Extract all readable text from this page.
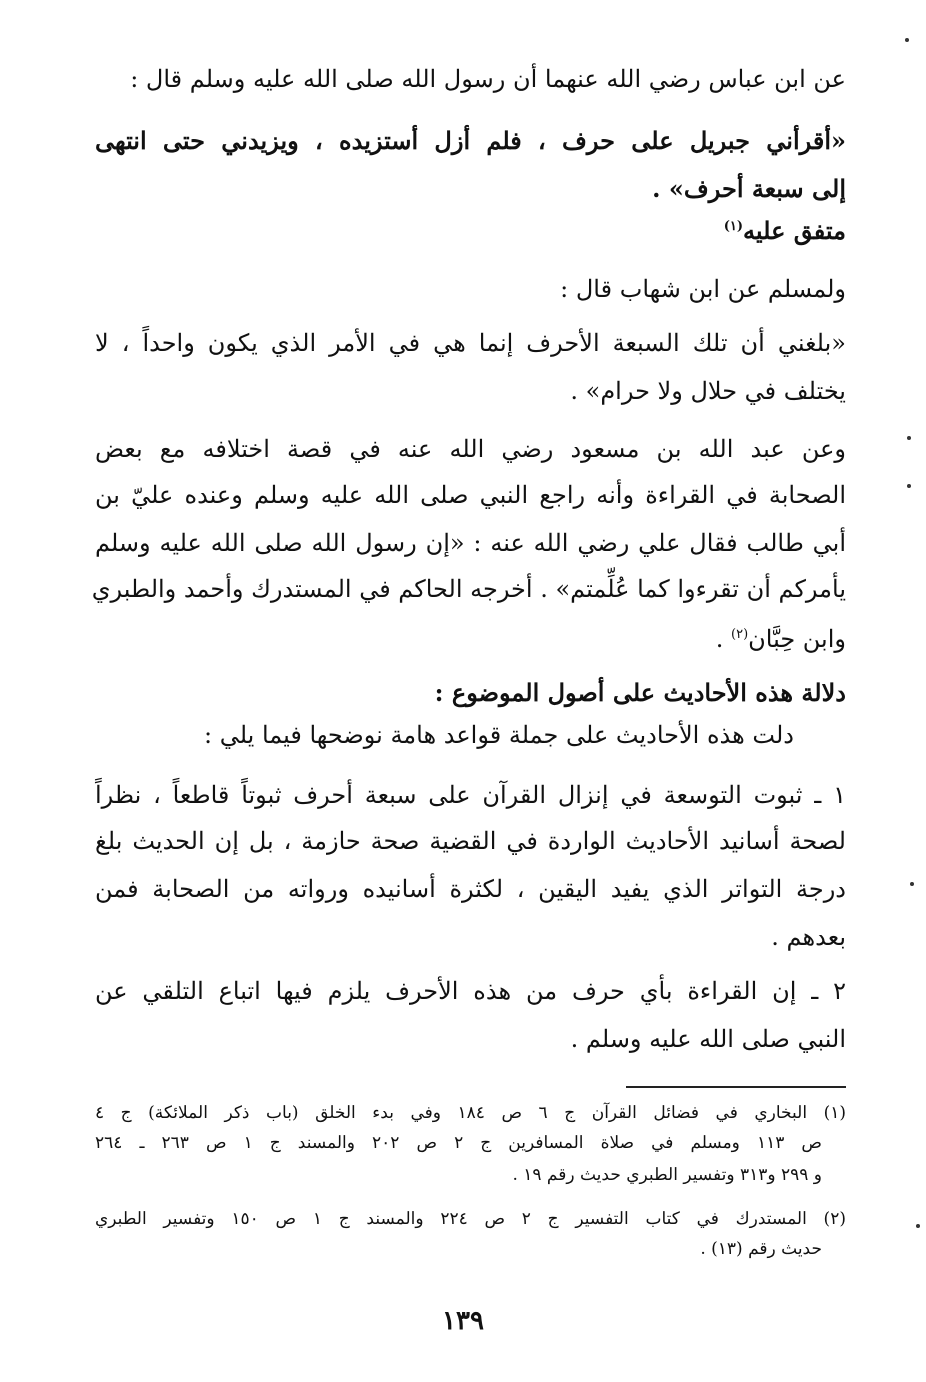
عن ابن عباس رضي الله عنهما أن رسول الله صلى الله عليه وسلم قال :
«أقرأني جبريل على حرف ، فلم أزل أستزيده ، ويزيدني حتى انتهى
إلى سبعة أحرف» .
متفق عليه$^{(١)}$
ولمسلم عن ابن شهاب قال :
«بلغني أن تلك السبعة الأحرف إنما هي في الأمر الذي يكون واحداً ، لا
يختلف في حلال ولا حرام» .
وعن عبد الله بن مسعود رضي الله عنه في قصة اختلافه مع بعض
الصحابة في القراءة وأنه راجع النبي صلى الله عليه وسلم وعنده عليّ بن
أبي طالب فقال علي رضي الله عنه : «إن رسول الله صلى الله عليه وسلم
يأمركم أن تقرءوا كما عُلِّمتم» . أخرجه الحاكم في المستدرك وأحمد والطبري
وابن حِبَّان$^{(٢)}$ .
دلالة هذه الأحاديث على أصول الموضوع :
دلت هذه الأحاديث على جملة قواعد هامة نوضحها فيما يلي :
١ ـ ثبوت التوسعة في إنزال القرآن على سبعة أحرف ثبوتاً قاطعاً ، نظراً
لصحة أسانيد الأحاديث الواردة في القضية صحة حازمة ، بل إن الحديث بلغ
درجة التواتر الذي يفيد اليقين ، لكثرة أسانيده ورواته من الصحابة فمن
بعدهم .
٢ ـ إن القراءة بأي حرف من هذه الأحرف يلزم فيها اتباع التلقي عن
النبي صلى الله عليه وسلم .
(١) البخاري في فضائل القرآن ج ٦ ص ١٨٤ وفي بدء الخلق (باب ذكر الملائكة) ج ٤
ص ١١٣ ومسلم في صلاة المسافرين ج ٢ ص ٢٠٢ والمسند ج ١ ص ٢٦٣ ـ ٢٦٤
و ٢٩٩ و٣١٣ وتفسير الطبري حديث رقم ١٩ .
(٢) المستدرك في كتاب التفسير ج ٢ ص ٢٢٤ والمسند ج ١ ص ١٥٠ وتفسير الطبري
حديث رقم (١٣) .
١٣٩
